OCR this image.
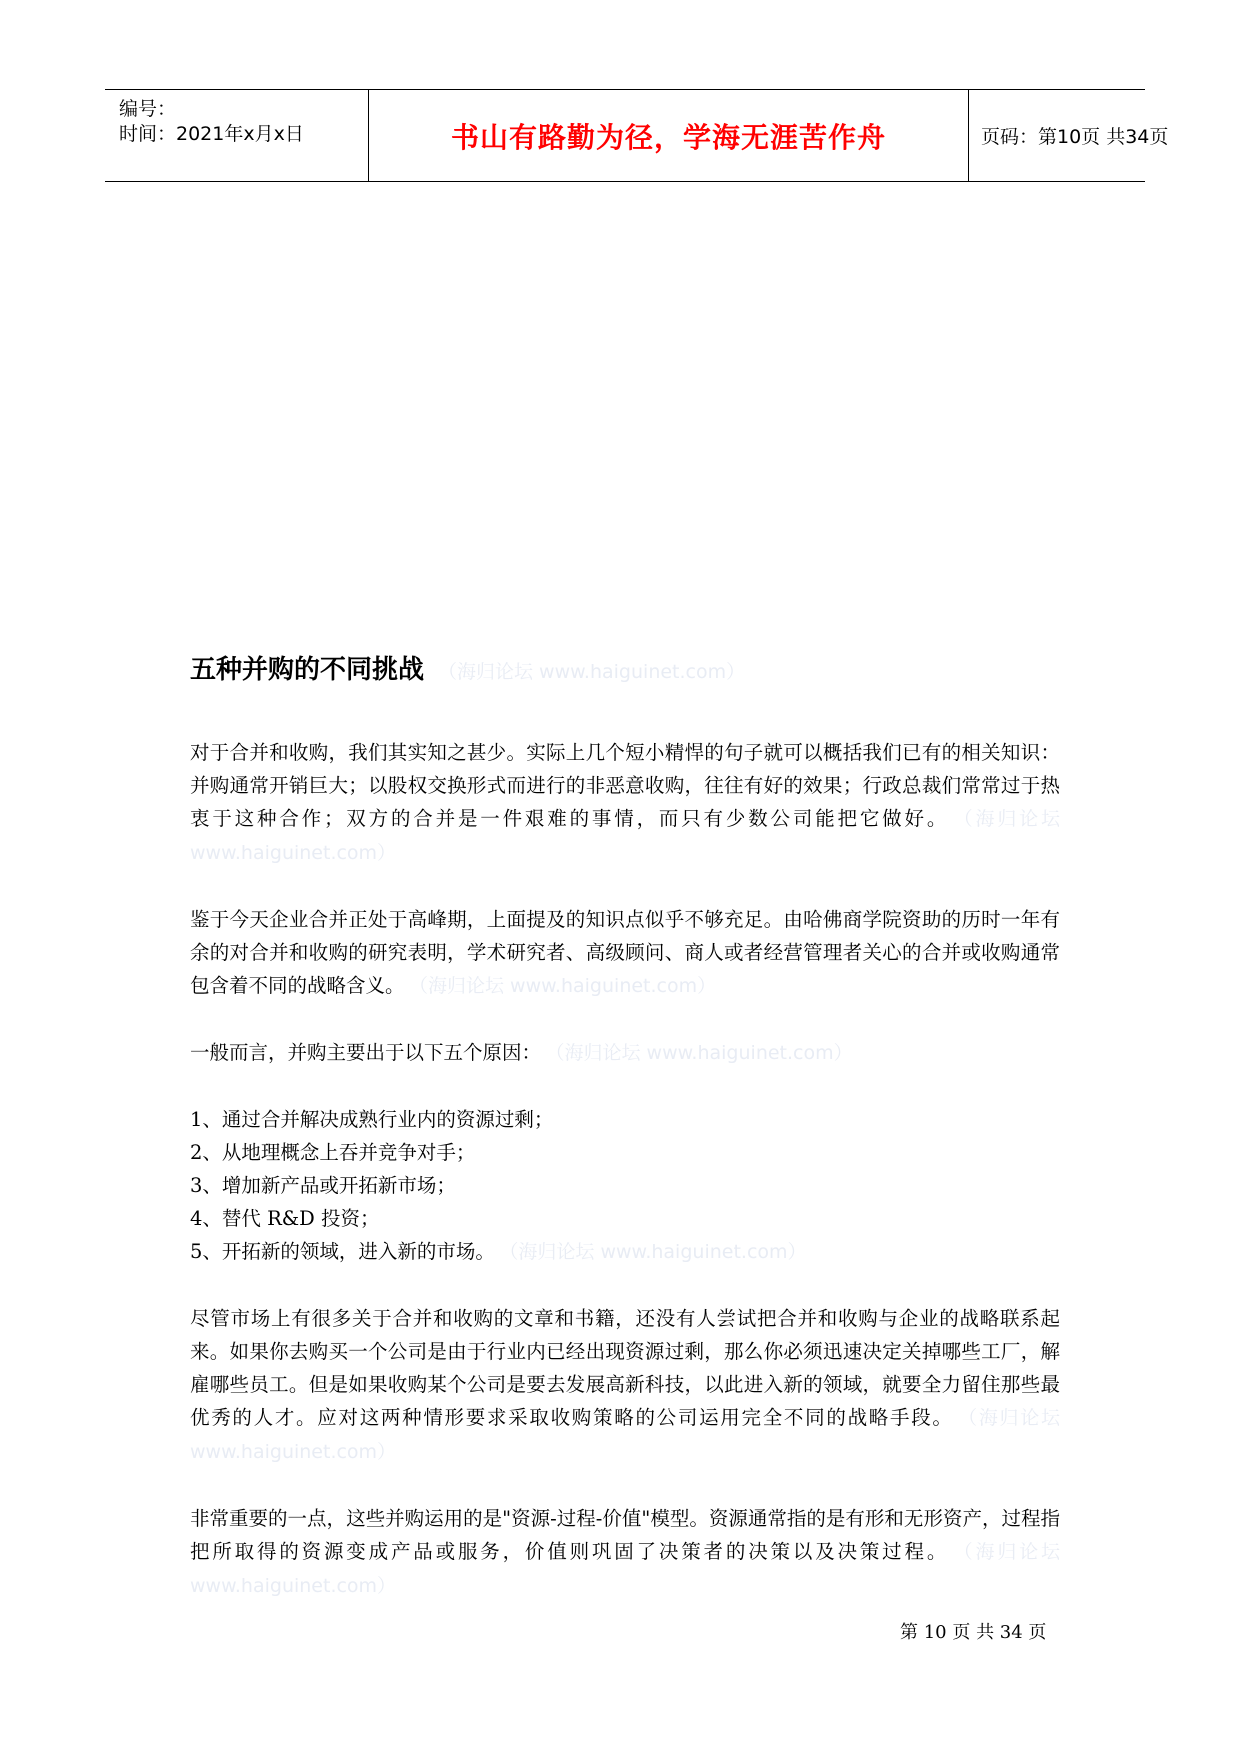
编号：
时间：2021年x月x日	书山有路勤为径，学海无涯苦作舟	页码：第10页 共34页
五种并购的不同挑战 （海归论坛 www.haiguinet.com）

对于合并和收购，我们其实知之甚少。实际上几个短小精悍的句子就可以概括我们已有的相关知识：并购通常开销巨大；以股权交换形式而进行的非恶意收购，往往有好的效果；行政总裁们常常过于热衷于这种合作；双方的合并是一件艰难的事情，而只有少数公司能把它做好。 （海归论坛 www.haiguinet.com）

鉴于今天企业合并正处于高峰期，上面提及的知识点似乎不够充足。由哈佛商学院资助的历时一年有余的对合并和收购的研究表明，学术研究者、高级顾问、商人或者经营管理者关心的合并或收购通常包含着不同的战略含义。 （海归论坛 www.haiguinet.com）

一般而言，并购主要出于以下五个原因： （海归论坛 www.haiguinet.com）

1、通过合并解决成熟行业内的资源过剩；
2、从地理概念上吞并竞争对手；
3、增加新产品或开拓新市场；
4、替代 R&D 投资；
5、开拓新的领域，进入新的市场。 （海归论坛 www.haiguinet.com）

尽管市场上有很多关于合并和收购的文章和书籍，还没有人尝试把合并和收购与企业的战略联系起来。如果你去购买一个公司是由于行业内已经出现资源过剩，那么你必须迅速决定关掉哪些工厂，解雇哪些员工。但是如果收购某个公司是要去发展高新科技，以此进入新的领域，就要全力留住那些最优秀的人才。应对这两种情形要求采取收购策略的公司运用完全不同的战略手段。 （海归论坛 www.haiguinet.com）

非常重要的一点，这些并购运用的是"资源-过程-价值"模型。资源通常指的是有形和无形资产，过程指把所取得的资源变成产品或服务，价值则巩固了决策者的决策以及决策过程。 （海归论坛 www.haiguinet.com）

第 10 页 共 34 页
